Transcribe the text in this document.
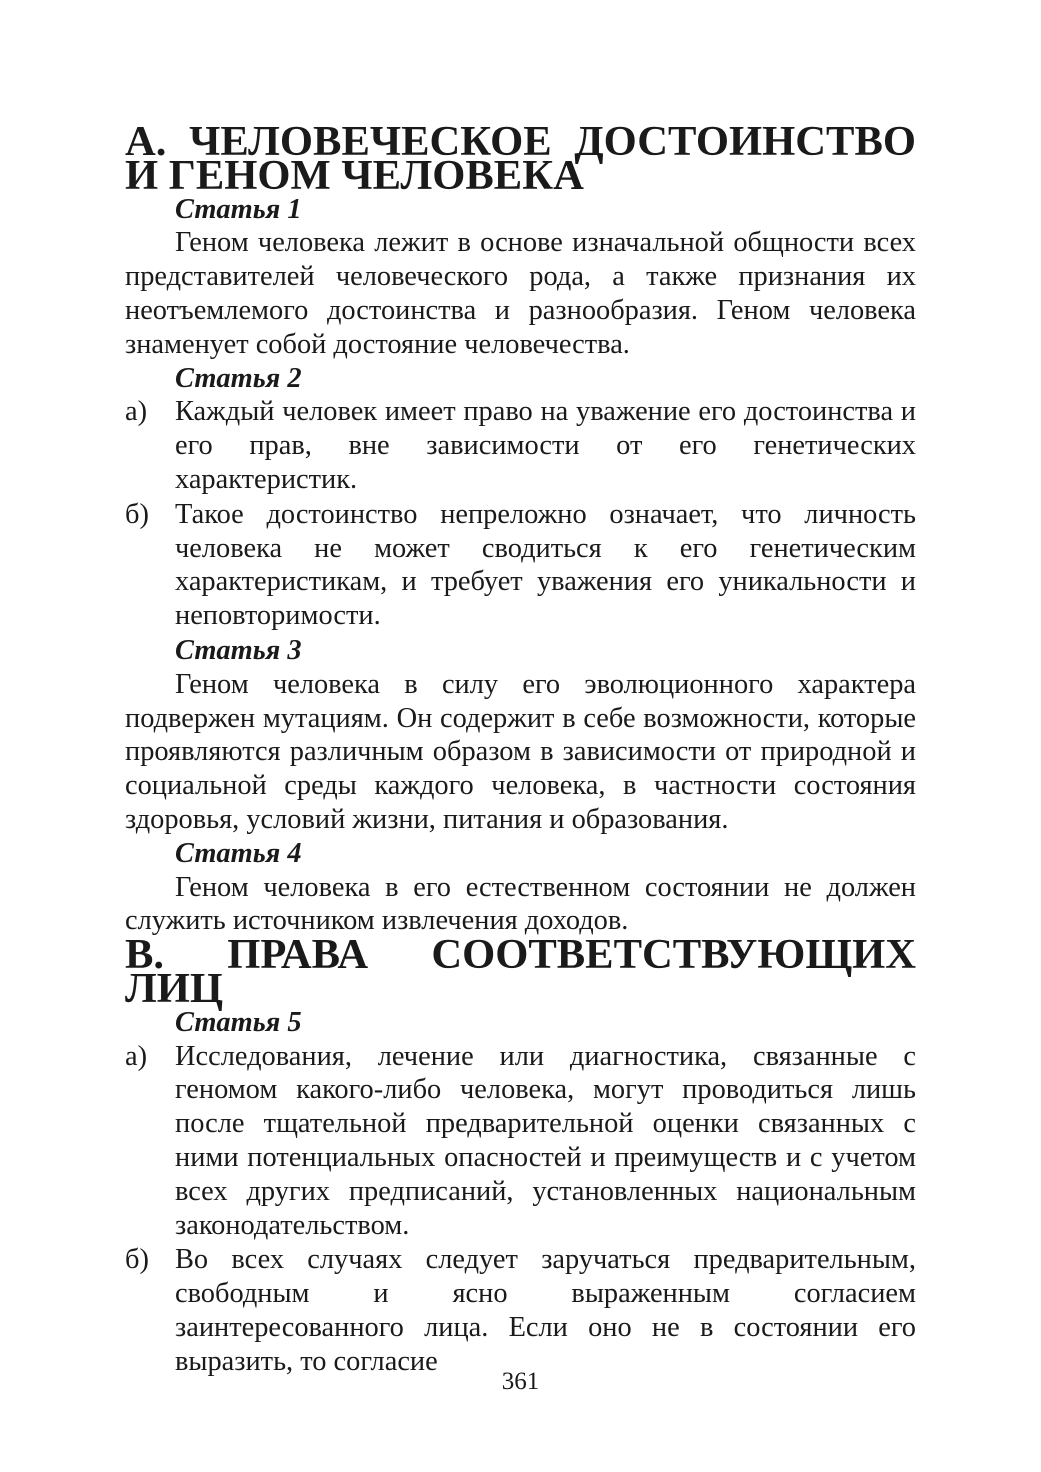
А. ЧЕЛОВЕЧЕСКОЕ ДОСТОИНСТВО И ГЕНОМ ЧЕЛОВЕКА
Статья 1

Геном человека лежит в основе изначальной общности всех представителей человеческого рода, а также признания их неотъемлемого достоинства и разнообразия. Геном человека знаменует собой достояние человечества.

Статья 2
а) Каждый человек имеет право на уважение его достоинства и его прав, вне зависимости от его генетических характеристик.
б) Такое достоинство непреложно означает, что личность человека не может сводиться к его генетическим характеристикам, и требует уважения его уникальности и неповторимости.
Статья 3

Геном человека в силу его эволюционного характера подвержен мутациям. Он содержит в себе возможности, которые проявляются различным образом в зависимости от природной и социальной среды каждого человека, в частности состояния здоровья, условий жизни, питания и образования.

Статья 4

Геном человека в его естественном состоянии не должен служить источником извлечения доходов.

В. ПРАВА СООТВЕТСТВУЮЩИХ ЛИЦ
Статья 5
а) Исследования, лечение или диагностика, связанные с геномом какого-либо человека, могут проводиться лишь после тщательной предварительной оценки связанных с ними потенциальных опасностей и преимуществ и с учетом всех других предписаний, установленных национальным законодательством.
б) Во всех случаях следует заручаться предварительным, свободным и ясно выраженным согласием заинтересованного лица. Если оно не в состоянии его выразить, то согласие
361
